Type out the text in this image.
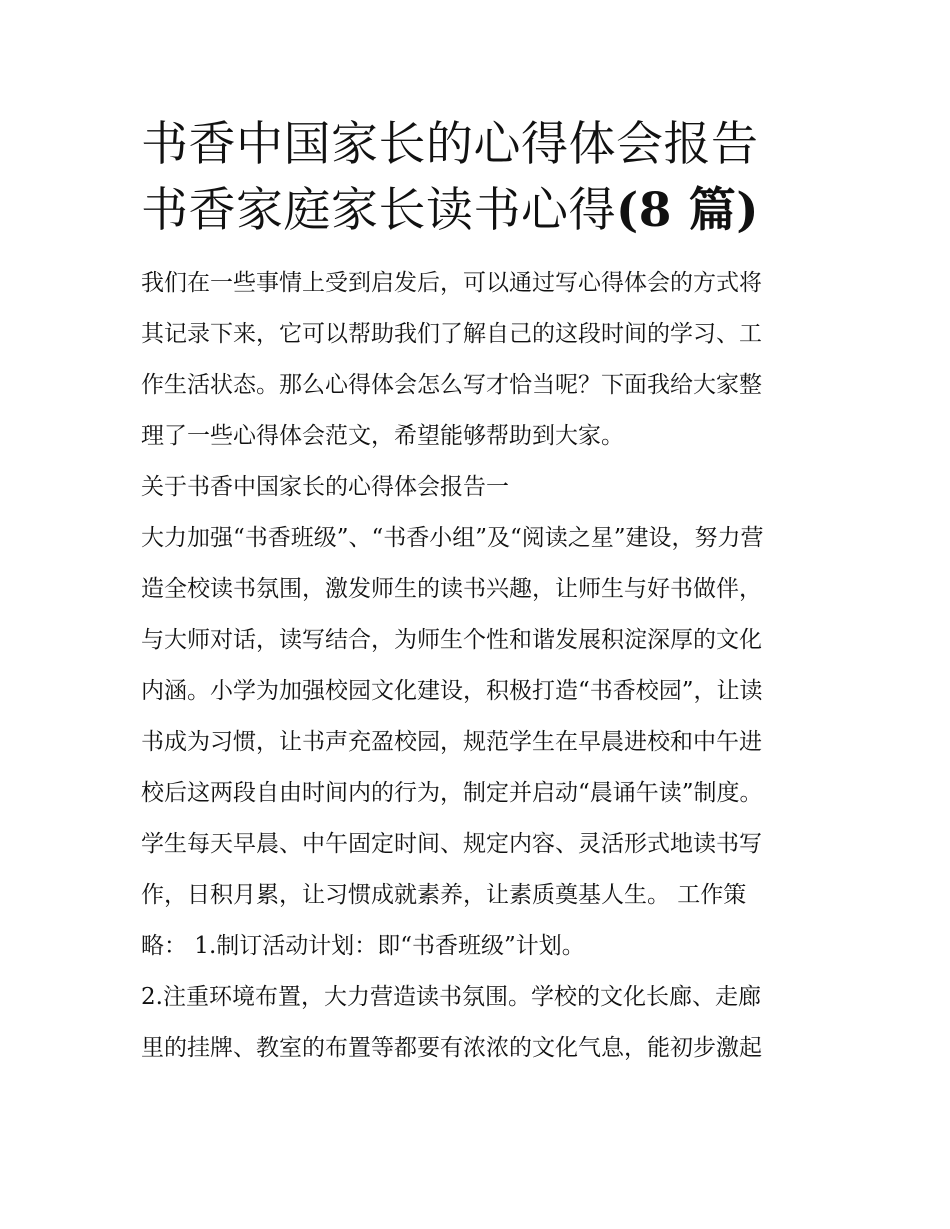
书香中国家长的心得体会报告
书香家庭家长读书心得(8 篇)

我们在一些事情上受到启发后，可以通过写心得体会的方式将
其记录下来，它可以帮助我们了解自己的这段时间的学习、工
作生活状态。那么心得体会怎么写才恰当呢？下面我给大家整
理了一些心得体会范文，希望能够帮助到大家。

关于书香中国家长的心得体会报告一

大力加强“书香班级”、“书香小组”及“阅读之星”建设，努力营
造全校读书氛围，激发师生的读书兴趣，让师生与好书做伴，
与大师对话，读写结合，为师生个性和谐发展积淀深厚的文化
内涵。小学为加强校园文化建设，积极打造“书香校园”，让读
书成为习惯，让书声充盈校园，规范学生在早晨进校和中午进
校后这两段自由时间内的行为，制定并启动“晨诵午读”制度。
学生每天早晨、中午固定时间、规定内容、灵活形式地读书写
作，日积月累，让习惯成就素养，让素质奠基人生。 工作策
略： 1.制订活动计划：即“书香班级”计划。
2.注重环境布置，大力营造读书氛围。学校的文化长廊、走廊
里的挂牌、教室的布置等都要有浓浓的文化气息，能初步激起
